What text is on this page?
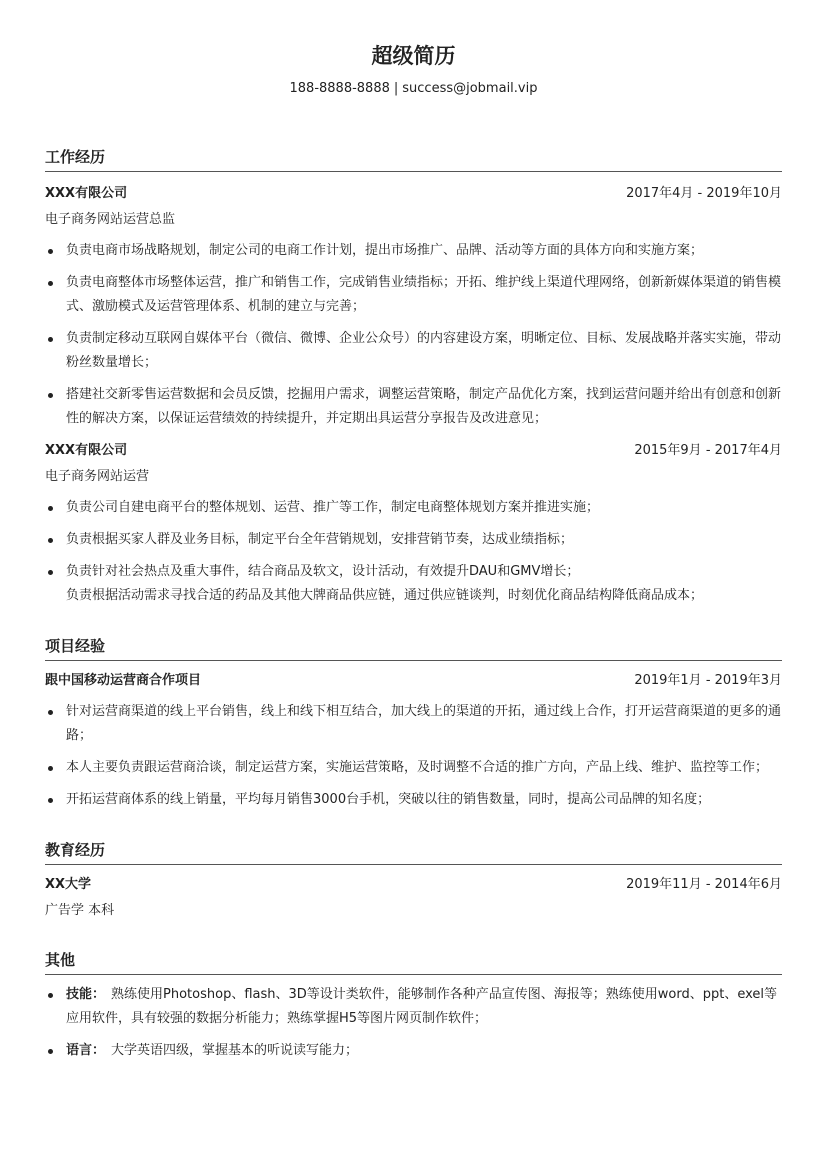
超级简历
188-8888-8888 | success@jobmail.vip
工作经历
XXX有限公司	2017年4月 - 2019年10月
电子商务网站运营总监
负责电商市场战略规划，制定公司的电商工作计划，提出市场推广、品牌、活动等方面的具体方向和实施方案；
负责电商整体市场整体运营，推广和销售工作，完成销售业绩指标；开拓、维护线上渠道代理网络，创新新媒体渠道的销售模式、激励模式及运营管理体系、机制的建立与完善；
负责制定移动互联网自媒体平台（微信、微博、企业公众号）的内容建设方案，明晰定位、目标、发展战略并落实实施，带动粉丝数量增长；
搭建社交新零售运营数据和会员反馈，挖掘用户需求，调整运营策略，制定产品优化方案，找到运营问题并给出有创意和创新性的解决方案，以保证运营绩效的持续提升，并定期出具运营分享报告及改进意见；
XXX有限公司	2015年9月 - 2017年4月
电子商务网站运营
负责公司自建电商平台的整体规划、运营、推广等工作，制定电商整体规划方案并推进实施；
负责根据买家人群及业务目标，制定平台全年营销规划，安排营销节奏，达成业绩指标；
负责针对社会热点及重大事件，结合商品及软文，设计活动，有效提升DAU和GMV增长；
负责根据活动需求寻找合适的药品及其他大牌商品供应链，通过供应链谈判，时刻优化商品结构降低商品成本；
项目经验
跟中国移动运营商合作项目	2019年1月 - 2019年3月
针对运营商渠道的线上平台销售，线上和线下相互结合，加大线上的渠道的开拓，通过线上合作，打开运营商渠道的更多的通路；
本人主要负责跟运营商洽谈，制定运营方案，实施运营策略，及时调整不合适的推广方向，产品上线、维护、监控等工作；
开拓运营商体系的线上销量，平均每月销售3000台手机，突破以往的销售数量，同时，提高公司品牌的知名度；
教育经历
XX大学	2019年11月 - 2014年6月
广告学 本科
其他
技能： 熟练使用Photoshop、flash、3D等设计类软件，能够制作各种产品宣传图、海报等；熟练使用word、ppt、exel等应用软件，具有较强的数据分析能力；熟练掌握H5等图片网页制作软件；
语言： 大学英语四级，掌握基本的听说读写能力；
